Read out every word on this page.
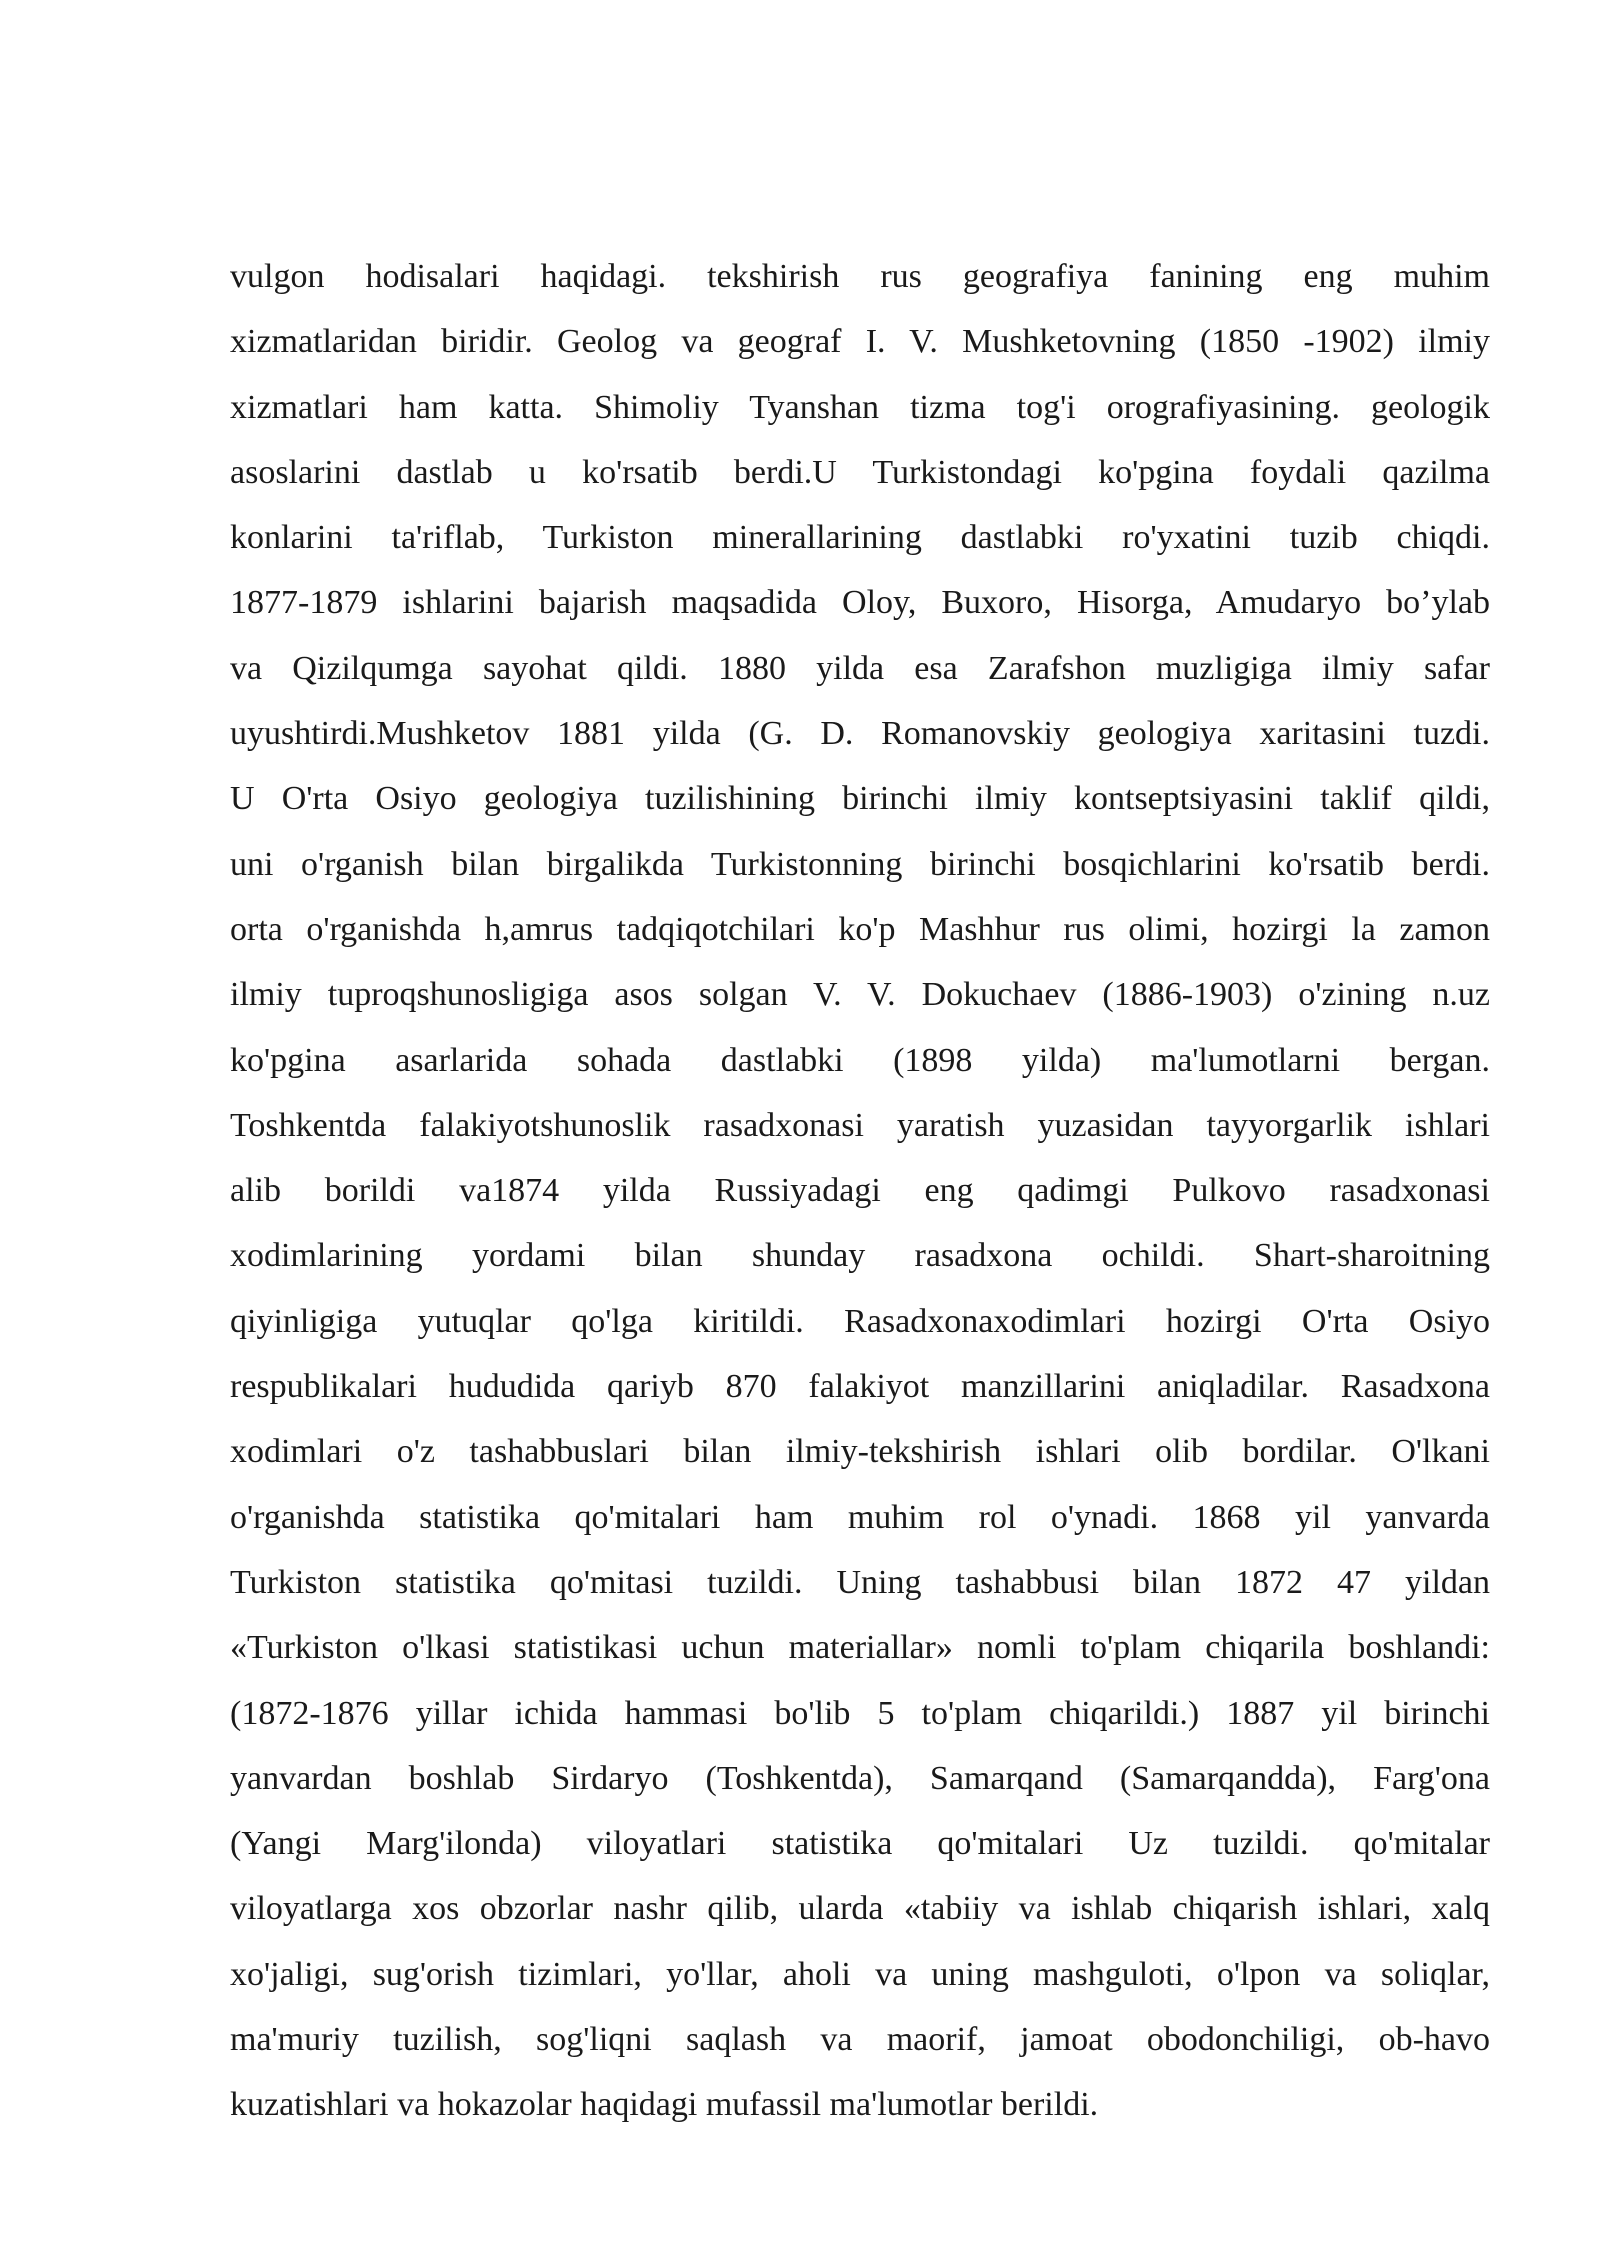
vulgon hodisalari haqidagi. tekshirish rus geografiya fanining eng muhim
xizmatlaridan biridir. Geolog va geograf I. V. Mushketovning (1850 -1902) ilmiy
xizmatlari ham katta. Shimoliy Tyanshan tizma tog'i orografiyasining. geologik
asoslarini dastlab u ko'rsatib berdi.U Turkistondagi ko'pgina foydali qazilma
konlarini ta'riflab, Turkiston minerallarining dastlabki ro'yxatini tuzib chiqdi.
1877-1879 ishlarini bajarish maqsadida Oloy, Buxoro, Hisorga, Amudaryo bo’ylab
va Qizilqumga sayohat qildi. 1880 yilda esa Zarafshon muzligiga ilmiy safar
uyushtirdi.Mushketov 1881 yilda (G. D. Romanovskiy geologiya xaritasini tuzdi.
U O'rta Osiyo geologiya tuzilishining birinchi ilmiy kontseptsiyasini taklif qildi,
uni o'rganish bilan birgalikda Turkistonning birinchi bosqichlarini ko'rsatib berdi.
orta o'rganishda h,amrus tadqiqotchilari ko'p Mashhur rus olimi, hozirgi la zamon
ilmiy tuproqshunosligiga asos solgan V. V. Dokuchaev (1886-1903) o'zining n.uz
ko'pgina asarlarida sohada dastlabki (1898 yilda) ma'lumotlarni bergan.
Toshkentda falakiyotshunoslik rasadxonasi yaratish yuzasidan tayyorgarlik ishlari
alib borildi va1874 yilda Russiyadagi eng qadimgi Pulkovo rasadxonasi
xodimlarining yordami bilan shunday rasadxona ochildi. Shart-sharoitning
qiyinligiga yutuqlar qo'lga kiritildi. Rasadxonaxodimlari hozirgi O'rta Osiyo
respublikalari hududida qariyb 870 falakiyot manzillarini aniqladilar. Rasadxona
xodimlari o'z tashabbuslari bilan ilmiy-tekshirish ishlari olib bordilar. O'lkani
o'rganishda statistika qo'mitalari ham muhim rol o'ynadi. 1868 yil yanvarda
Turkiston statistika qo'mitasi tuzildi. Uning tashabbusi bilan 1872 47 yildan
«Turkiston o'lkasi statistikasi uchun materiallar» nomli to'plam chiqarila boshlandi:
(1872-1876 yillar ichida hammasi bo'lib 5 to'plam chiqarildi.) 1887 yil birinchi
yanvardan boshlab Sirdaryo (Toshkentda), Samarqand (Samarqandda), Farg'ona
(Yangi Marg'ilonda) viloyatlari statistika qo'mitalari Uz tuzildi. qo'mitalar
viloyatlarga xos obzorlar nashr qilib, ularda «tabiiy va ishlab chiqarish ishlari, xalq
xo'jaligi, sug'orish tizimlari, yo'llar, aholi va uning mashguloti, o'lpon va soliqlar,
ma'muriy tuzilish, sog'liqni saqlash va maorif, jamoat obodonchiligi, ob-havo
kuzatishlari va hokazolar haqidagi mufassil ma'lumotlar berildi.
